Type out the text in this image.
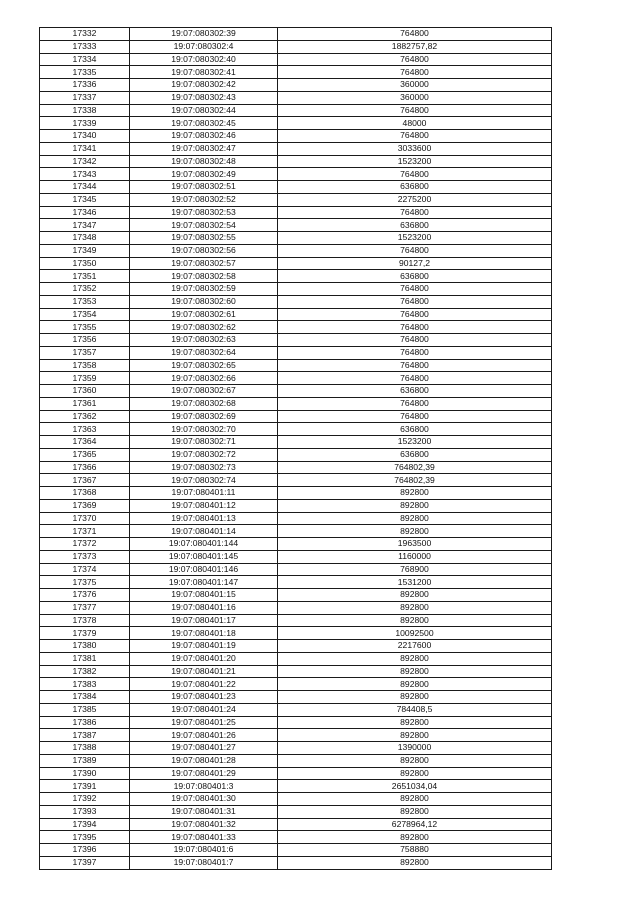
17332	19:07:080302:39	764800
17333	19:07:080302:4	1882757,82
17334	19:07:080302:40	764800
17335	19:07:080302:41	764800
17336	19:07:080302:42	360000
17337	19:07:080302:43	360000
17338	19:07:080302:44	764800
17339	19:07:080302:45	48000
17340	19:07:080302:46	764800
17341	19:07:080302:47	3033600
17342	19:07:080302:48	1523200
17343	19:07:080302:49	764800
17344	19:07:080302:51	636800
17345	19:07:080302:52	2275200
17346	19:07:080302:53	764800
17347	19:07:080302:54	636800
17348	19:07:080302:55	1523200
17349	19:07:080302:56	764800
17350	19:07:080302:57	90127,2
17351	19:07:080302:58	636800
17352	19:07:080302:59	764800
17353	19:07:080302:60	764800
17354	19:07:080302:61	764800
17355	19:07:080302:62	764800
17356	19:07:080302:63	764800
17357	19:07:080302:64	764800
17358	19:07:080302:65	764800
17359	19:07:080302:66	764800
17360	19:07:080302:67	636800
17361	19:07:080302:68	764800
17362	19:07:080302:69	764800
17363	19:07:080302:70	636800
17364	19:07:080302:71	1523200
17365	19:07:080302:72	636800
17366	19:07:080302:73	764802,39
17367	19:07:080302:74	764802,39
17368	19:07:080401:11	892800
17369	19:07:080401:12	892800
17370	19:07:080401:13	892800
17371	19:07:080401:14	892800
17372	19:07:080401:144	1963500
17373	19:07:080401:145	1160000
17374	19:07:080401:146	768900
17375	19:07:080401:147	1531200
17376	19:07:080401:15	892800
17377	19:07:080401:16	892800
17378	19:07:080401:17	892800
17379	19:07:080401:18	10092500
17380	19:07:080401:19	2217600
17381	19:07:080401:20	892800
17382	19:07:080401:21	892800
17383	19:07:080401:22	892800
17384	19:07:080401:23	892800
17385	19:07:080401:24	784408,5
17386	19:07:080401:25	892800
17387	19:07:080401:26	892800
17388	19:07:080401:27	1390000
17389	19:07:080401:28	892800
17390	19:07:080401:29	892800
17391	19:07:080401:3	2651034,04
17392	19:07:080401:30	892800
17393	19:07:080401:31	892800
17394	19:07:080401:32	6278964,12
17395	19:07:080401:33	892800
17396	19:07:080401:6	758880
17397	19:07:080401:7	892800
